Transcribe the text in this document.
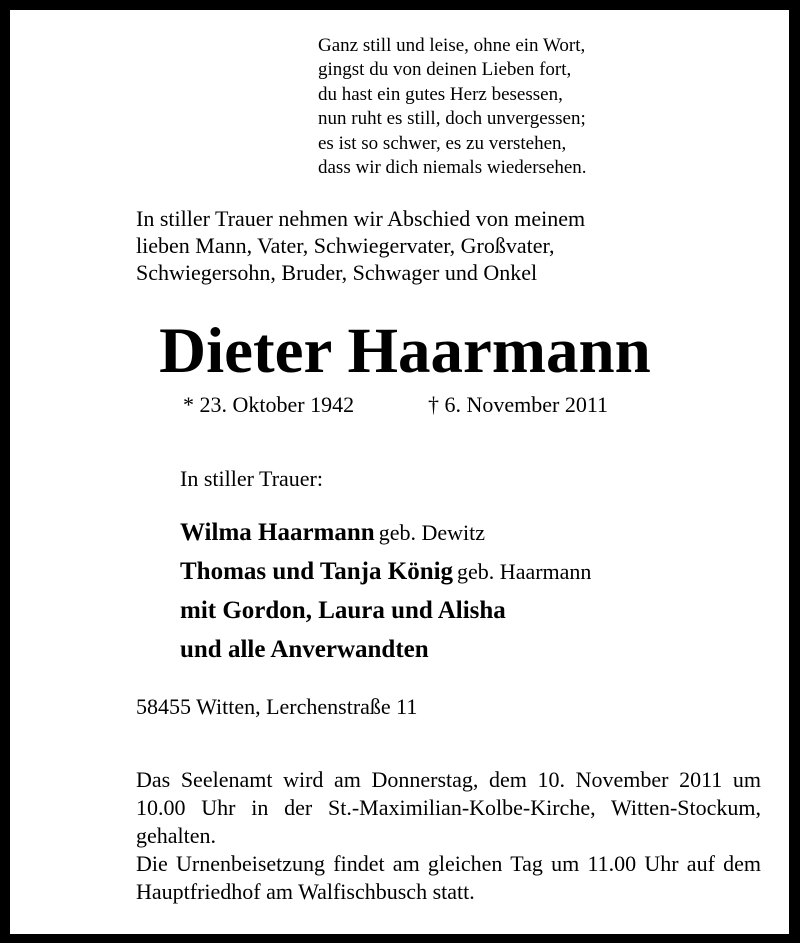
Ganz still und leise, ohne ein Wort,
gingst du von deinen Lieben fort,
du hast ein gutes Herz besessen,
nun ruht es still, doch unvergessen;
es ist so schwer, es zu verstehen,
dass wir dich niemals wiedersehen.
In stiller Trauer nehmen wir Abschied von meinem
lieben Mann, Vater, Schwiegervater, Großvater,
Schwiegersohn, Bruder, Schwager und Onkel
Dieter Haarmann
* 23. Oktober 1942	† 6. November 2011
In stiller Trauer:
Wilma Haarmann geb. Dewitz
Thomas und Tanja König geb. Haarmann
mit Gordon, Laura und Alisha
und alle Anverwandten
58455 Witten, Lerchenstraße 11

Das Seelenamt wird am Donnerstag, dem 10. November 2011 um 10.00 Uhr in der St.-Maximilian-Kolbe-Kirche, Witten-Stockum, gehalten.

Die Urnenbeisetzung findet am gleichen Tag um 11.00 Uhr auf dem Hauptfriedhof am Walfischbusch statt.
